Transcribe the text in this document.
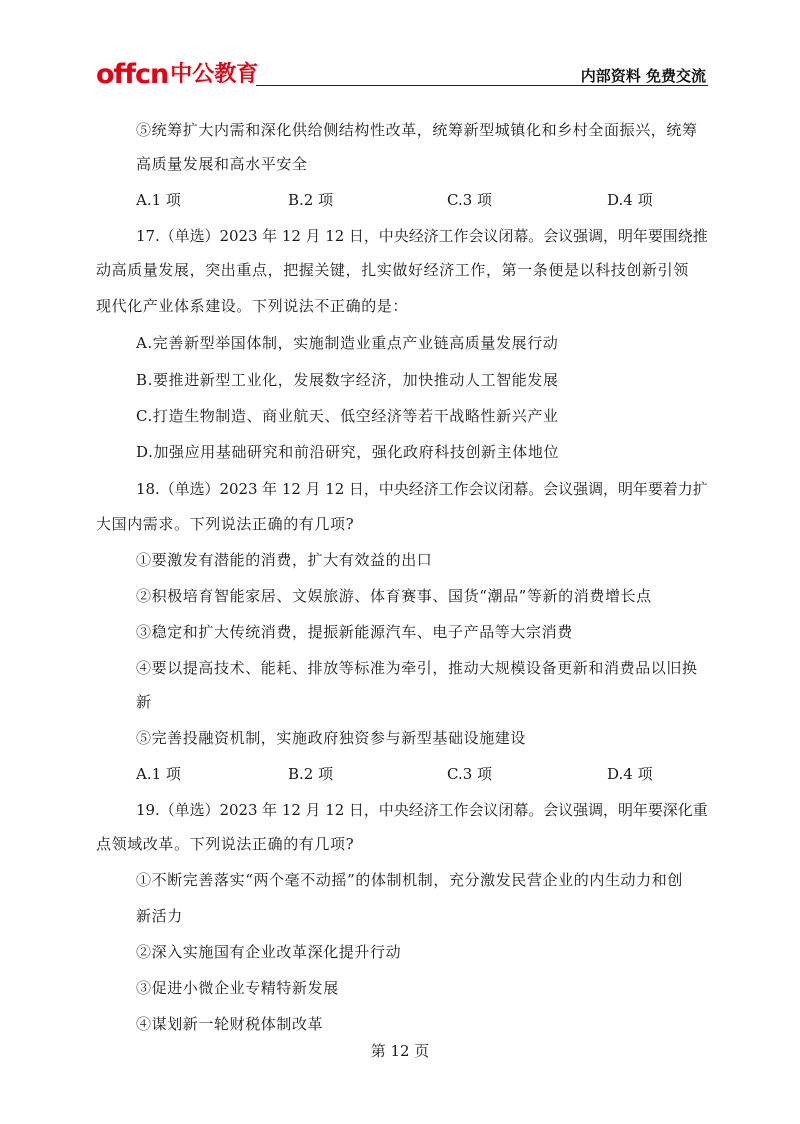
offcn 中公教育	内部资料 免费交流
⑤统筹扩大内需和深化供给侧结构性改革，统筹新型城镇化和乡村全面振兴，统筹
高质量发展和高水平安全
A.1 项	B.2 项	C.3 项	D.4 项
17.（单选）2023 年 12 月 12 日，中央经济工作会议闭幕。会议强调，明年要围绕推
动高质量发展，突出重点，把握关键，扎实做好经济工作，第一条便是以科技创新引领
现代化产业体系建设。下列说法不正确的是：
A.完善新型举国体制，实施制造业重点产业链高质量发展行动
B.要推进新型工业化，发展数字经济，加快推动人工智能发展
C.打造生物制造、商业航天、低空经济等若干战略性新兴产业
D.加强应用基础研究和前沿研究，强化政府科技创新主体地位
18.（单选）2023 年 12 月 12 日，中央经济工作会议闭幕。会议强调，明年要着力扩
大国内需求。下列说法正确的有几项?
①要激发有潜能的消费，扩大有效益的出口
②积极培育智能家居、文娱旅游、体育赛事、国货“潮品”等新的消费增长点
③稳定和扩大传统消费，提振新能源汽车、电子产品等大宗消费
④要以提高技术、能耗、排放等标准为牵引，推动大规模设备更新和消费品以旧换
新
⑤完善投融资机制，实施政府独资参与新型基础设施建设
A.1 项	B.2 项	C.3 项	D.4 项
19.（单选）2023 年 12 月 12 日，中央经济工作会议闭幕。会议强调，明年要深化重
点领域改革。下列说法正确的有几项?
①不断完善落实“两个毫不动摇”的体制机制，充分激发民营企业的内生动力和创
新活力
②深入实施国有企业改革深化提升行动
③促进小微企业专精特新发展
④谋划新一轮财税体制改革
第 12 页
